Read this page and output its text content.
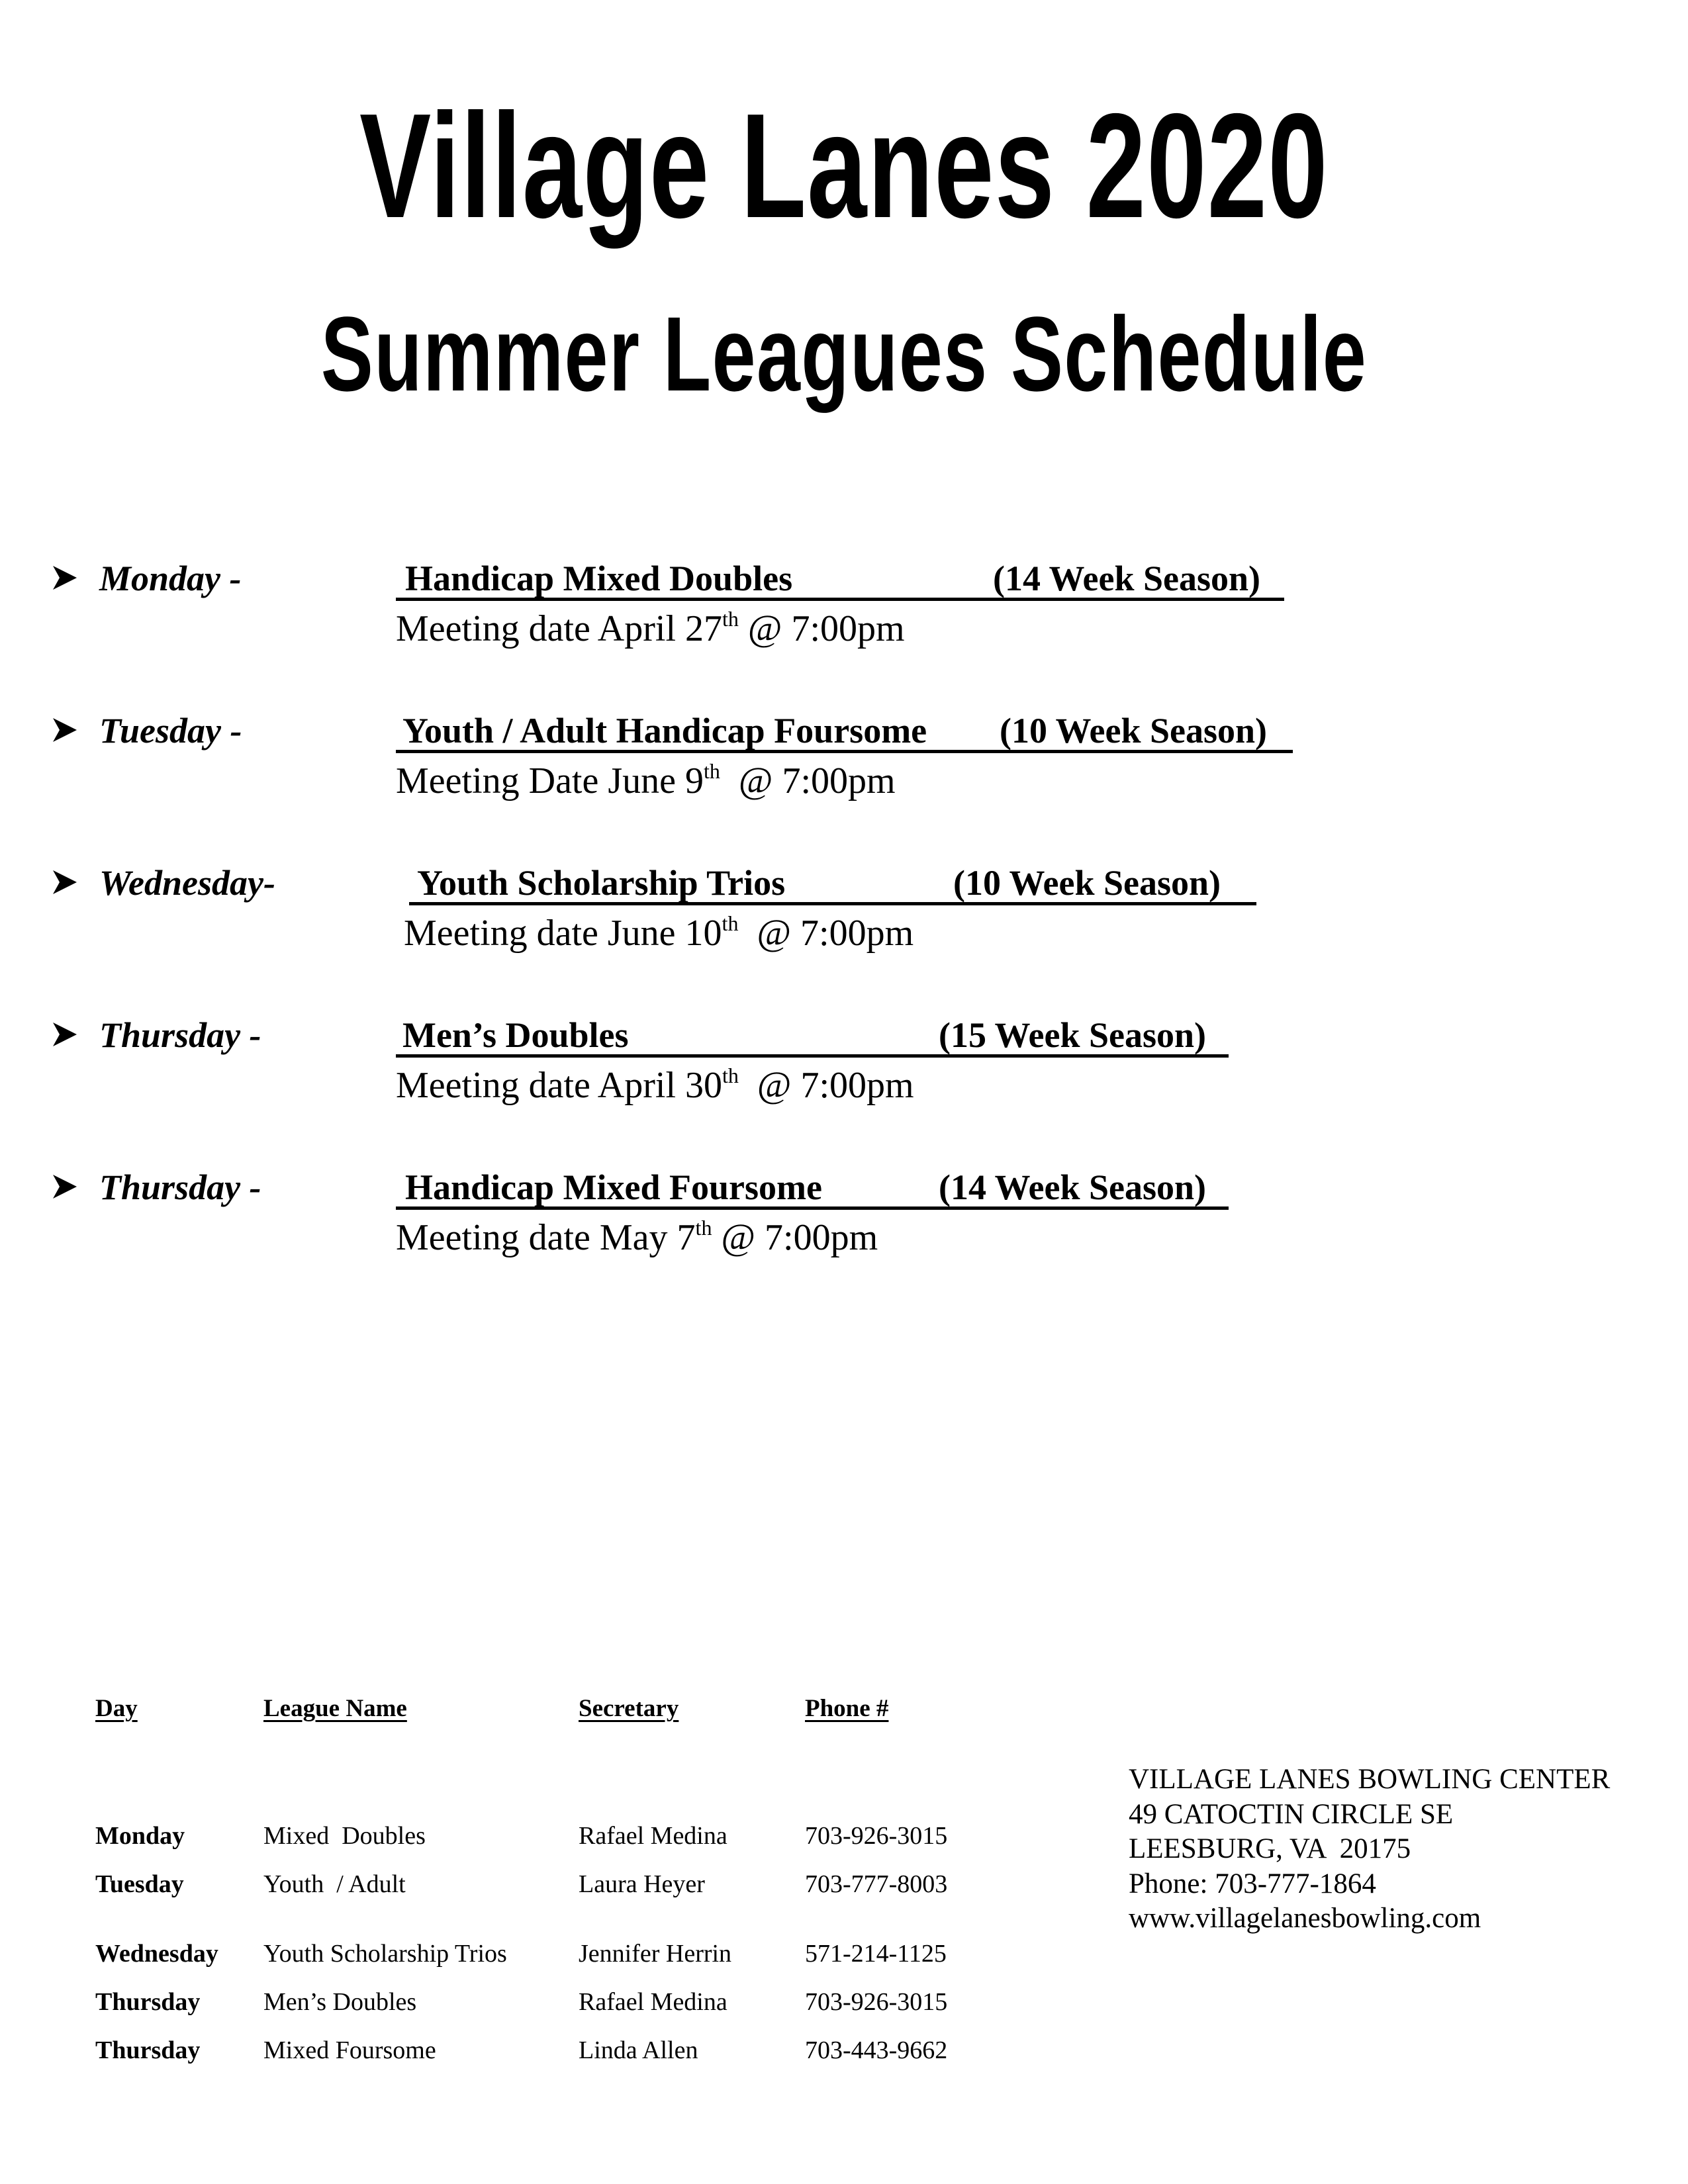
Village Lanes 2020
Summer Leagues Schedule
Monday -	Handicap Mixed Doubles	(14 Week Season)
Meeting date April 27th @ 7:00pm
Tuesday -	Youth / Adult Handicap Foursome (10 Week Season)
Meeting Date June 9th  @ 7:00pm
Wednesday-	Youth Scholarship Trios	(10 Week Season)
Meeting date June 10th  @ 7:00pm
Thursday -	Men’s Doubles	(15 Week Season)
Meeting date April 30th  @ 7:00pm
Thursday -	Handicap Mixed Foursome	(14 Week Season)
Meeting date May 7th @ 7:00pm
Day	League Name	Secretary	Phone #
Monday	Mixed  Doubles	Rafael Medina	703-926-3015
Tuesday	Youth  / Adult	Laura Heyer	703-777-8003
Wednesday Youth Scholarship Trios	Jennifer Herrin	571-214-1125
Thursday	Men’s Doubles	Rafael Medina	703-926-3015
Thursday	Mixed Foursome	Linda Allen	703-443-9662
VILLAGE LANES BOWLING CENTER
49 CATOCTIN CIRCLE SE
LEESBURG, VA  20175
Phone: 703-777-1864
www.villagelanesbowling.com
